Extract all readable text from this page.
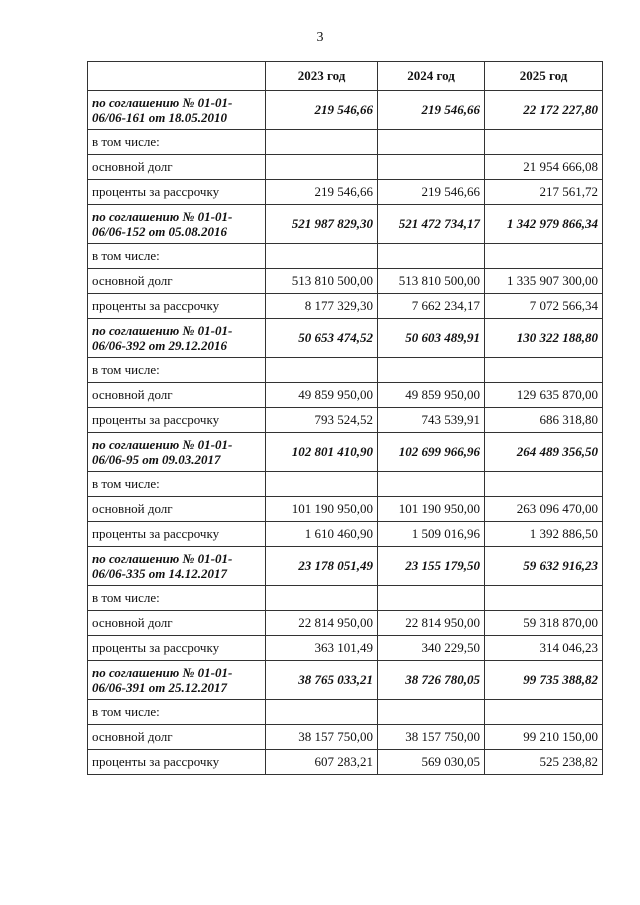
3
	2023 год	2024 год	2025 год
по соглашению № 01-01-06/06-161 от 18.05.2010	219 546,66	219 546,66	22 172 227,80
в том числе:			
основной долг			21 954 666,08
проценты за рассрочку	219 546,66	219 546,66	217 561,72
по соглашению № 01-01-06/06-152 от 05.08.2016	521 987 829,30	521 472 734,17	1 342 979 866,34
в том числе:			
основной долг	513 810 500,00	513 810 500,00	1 335 907 300,00
проценты за рассрочку	8 177 329,30	7 662 234,17	7 072 566,34
по соглашению № 01-01-06/06-392 от 29.12.2016	50 653 474,52	50 603 489,91	130 322 188,80
в том числе:			
основной долг	49 859 950,00	49 859 950,00	129 635 870,00
проценты за рассрочку	793 524,52	743 539,91	686 318,80
по соглашению № 01-01-06/06-95 от 09.03.2017	102 801 410,90	102 699 966,96	264 489 356,50
в том числе:			
основной долг	101 190 950,00	101 190 950,00	263 096 470,00
проценты за рассрочку	1 610 460,90	1 509 016,96	1 392 886,50
по соглашению № 01-01-06/06-335 от 14.12.2017	23 178 051,49	23 155 179,50	59 632 916,23
в том числе:			
основной долг	22 814 950,00	22 814 950,00	59 318 870,00
проценты за рассрочку	363 101,49	340 229,50	314 046,23
по соглашению № 01-01-06/06-391 от 25.12.2017	38 765 033,21	38 726 780,05	99 735 388,82
в том числе:			
основной долг	38 157 750,00	38 157 750,00	99 210 150,00
проценты за рассрочку	607 283,21	569 030,05	525 238,82
